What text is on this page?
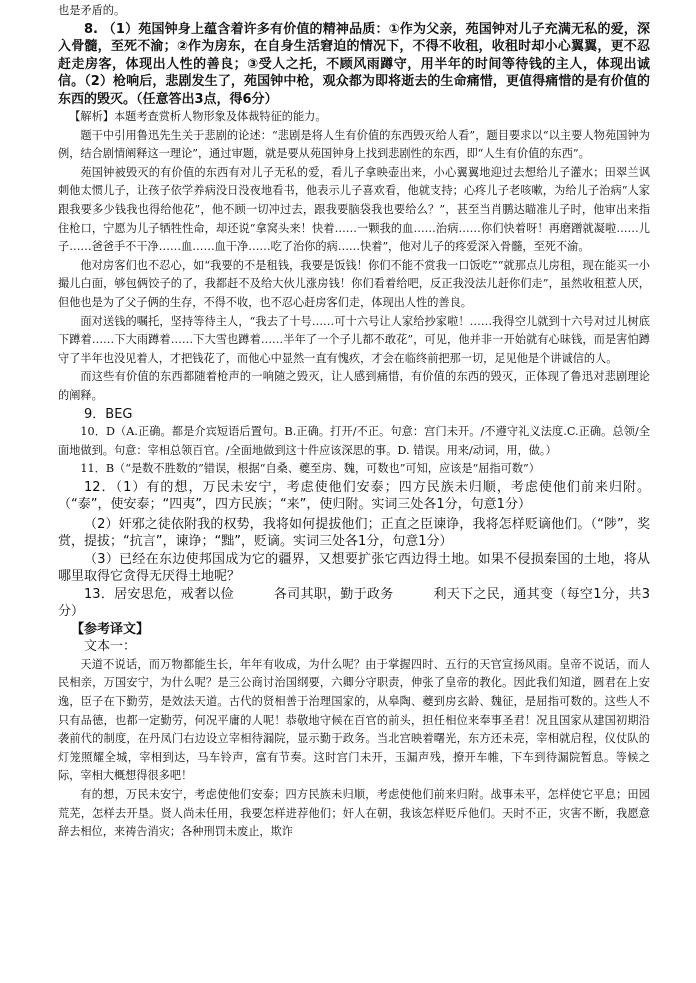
也是矛盾的。

8. （1）苑国钟身上蕴含着许多有价值的精神品质：①作为父亲，苑国钟对儿子充满无私的爱，深入骨髓，至死不渝；②作为房东，在自身生活窘迫的情况下，不得不收租，收租时却小心翼翼，更不忍赶走房客，体现出人性的善良；③受人之托，不顾风雨蹲守，用半年的时间等待钱的主人，体现出诚信。（2）枪响后，悲剧发生了，苑国钟中枪，观众都为即将逝去的生命痛惜，更值得痛惜的是有价值的东西的毁灭。（任意答出3点，得6分）

【解析】本题考查赏析人物形象及体裁特征的能力。

题干中引用鲁迅先生关于悲剧的论述：“悲剧是将人生有价值的东西毁灭给人看”，题目要求以“以主要人物苑国钟为例，结合剧情阐释这一理论”，通过审题，就是要从苑国钟身上找到悲剧性的东西，即“人生有价值的东西”。

苑国钟被毁灭的有价值的东西有对儿子无私的爱，看儿子拿映壶出来，小心翼翼地迎过去想给儿子灌水；田翠兰讽刺他太惯儿子，让孩子依学养病没日没夜地看书，他表示儿子喜欢看，他就支持；心疼儿子老咳嗽，为给儿子治病“人家跟我要多少钱我也得给他花”，他不顾一切冲过去，跟我要脑袋我也要给么？”，甚至当肖鹏达瞄准儿子时，他审出来指住枪口，宁愿为儿子牺牲性命，却还说“拿窝头来！快着……一颗我的血……治病……你们快着呀！再磨蹭就凝啦……儿子……爸爸手不干净……血……血干净……吃了治你的病……快着”，他对儿子的疼爱深入骨髓，至死不渝。

他对房客们也不忍心，如“我要的不是租钱，我要是饭钱！你们不能不赏我一口饭吃”“就那点儿房租，现在能买一小撮儿白面，够包俩饺子的了，我都赶不及给大伙儿涨房钱！你们看着给吧，反正我没法儿赶你们走”，虽然收租惹人厌，但他也是为了父子俩的生存，不得不收，也不忍心赶房客们走，体现出人性的善良。

面对送钱的嘱托，坚持等待主人，“我去了十号……可十六号让人家给抄家啦！……我得空儿就到十六号对过儿树底下蹲着……下大雨蹲着……下大雪也蹲着……半年了一个子儿都不敢花”，可见，他并非一开始就有心昧钱，而是害怕蹲守了半年也没见着人，才把钱花了，而他心中显然一直有愧疚，才会在临终前把那一切，足见他是个讲诚信的人。

而这些有价值的东西都随着枪声的一响随之毁灭，让人感到痛惜，有价值的东西的毁灭，正体现了鲁迅对悲剧理论的阐释。

9．BEG

10．D（A.正确。都是介宾短语后置句。B.正确。打开/不正。句意：宫门未开。/不遵守礼义法度.C.正确。总领/全面地做到。句意：宰相总领百官。/全面地做到这十件应该深思的事。D. 错误。用来/动词，用，做。）

11．B（“是数不胜数的”错误，根据“自桑、夔至房、魏，可数也”可知，应该是“屈指可数”）

12．（1）有的想，万民未安宁，考虑使他们安泰；四方民族未归顺，考虑使他们前来归附。（“泰”，使安泰；“四夷”，四方民族；“来”，使归附。实词三处各1分，句意1分）

（2）奸邪之徒依附我的权势，我将如何提拔他们；正直之臣谏诤，我将怎样贬谪他们。（“陟”，奖赏，提拔；“抗言”，谏诤；“黜”，贬谪。实词三处各1分，句意1分）

（3）已经在东边使邦国成为它的疆界，又想要扩张它西边得土地。如果不侵损秦国的土地，将从哪里取得它贪得无厌得土地呢？

13．居安思危，戒奢以俭　　　各司其职，勤于政务　　　利天下之民，通其变（每空1分，共3分）

【参考译文】

文本一：

天道不说话，而万物都能生长，年年有收成，为什么呢？由于掌握四时、五行的天官宣扬风雨。皇帝不说话，而人民相亲，万国安宁，为什么呢？是三公商讨治国纲要，六卿分守职责，伸张了皇帝的教化。因此我们知道，圆君在上安逸，臣子在下勤劳，是效法天道。古代的贤相善于治理国家的，从皋陶、夔到房玄龄、魏征，是屈指可数的。这些人不只有品德，也都一定勤劳，何况平庸的人呢！恭敬地守候在百官的前头，担任相位来奉事圣君！况且国家从建国初期沿袭前代的制度，在丹凤门右边设立宰相待漏院，显示勤于政务。当北宫映着曙光，东方还未亮，宰相就启程，仪仗队的灯笼照耀全城，宰相到达，马车铃声，富有节奏。这时宫门未开，玉漏声残，撩开车帷，下车到待漏院暂息。等候之际，宰相大概想得很多吧！

有的想，万民未安宁，考虑使他们安泰；四方民族未归顺，考虑使他们前来归附。战事未平，怎样使它平息；田园荒芜，怎样去开垦。贤人尚未任用，我要怎样进荐他们；奸人在朝，我该怎样贬斥他们。天时不正，灾害不断，我愿意辞去相位，来祷告消灾；各种刑罚未废止，欺诈
